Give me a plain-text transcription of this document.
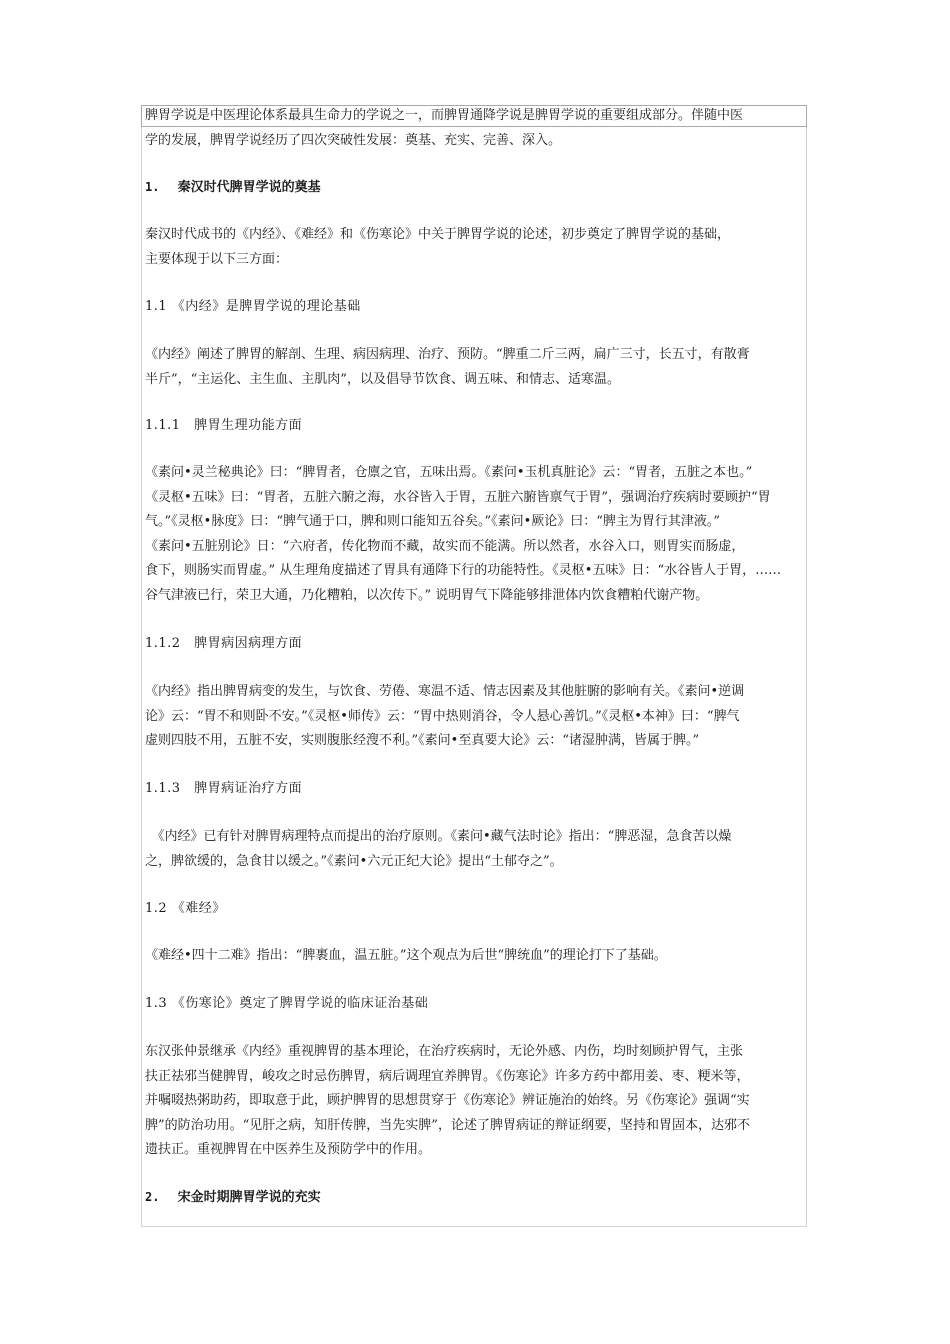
脾胃学说是中医理论体系最具生命力的学说之一，而脾胃通降学说是脾胃学说的重要组成部分。伴随中医
学的发展，脾胃学说经历了四次突破性发展：奠基、充实、完善、深入。

1. 秦汉时代脾胃学说的奠基

秦汉时代成书的《内经》、《难经》和《伤寒论》中关于脾胃学说的论述，初步奠定了脾胃学说的基础，
主要体现于以下三方面：

1.1 《内经》是脾胃学说的理论基础

《内经》阐述了脾胃的解剖、生理、病因病理、治疗、预防。“脾重二斤三两，扁广三寸，长五寸，有散膏
半斤”，“主运化、主生血、主肌肉”，以及倡导节饮食、调五味、和情志、适寒温。

1.1.1　脾胃生理功能方面

《素问•灵兰秘典论》曰：“脾胃者，仓廪之官，五味出焉。《素问•玉机真脏论》云：“胃者，五脏之本也。”
《灵枢•五味》曰：“胃者，五脏六腑之海，水谷皆入于胃，五脏六腑皆禀气于胃”，强调治疗疾病时要顾护“胃
气。”《灵枢•脉度》曰：“脾气通于口，脾和则口能知五谷矣。”《素问•厥论》曰：“脾主为胃行其津液。”
《素问•五脏别论》日：“六府者，传化物而不藏，故实而不能满。所以然者，水谷入口，则胃实而肠虚，
食下，则肠实而胃虚。” 从生理角度描述了胃具有通降下行的功能特性。《灵枢•五味》日：“水谷皆人于胃，……
谷气津液已行，荣卫大通，乃化糟粕，以次传下。” 说明胃气下降能够排泄体内饮食糟粕代谢产物。

1.1.2　脾胃病因病理方面

《内经》指出脾胃病变的发生，与饮食、劳倦、寒温不适、情志因素及其他脏腑的影响有关。《素问•逆调
论》云：“胃不和则卧不安。”《灵枢•师传》云：“胃中热则消谷，令人悬心善饥。”《灵枢•本神》曰：“脾气
虚则四肢不用，五脏不安，实则腹胀经溲不利。”《素问•至真要大论》云：“诸湿肿满，皆属于脾。”

1.1.3　脾胃病证治疗方面

　《内经》已有针对脾胃病理特点而提出的治疗原则。《素问•藏气法时论》指出：“脾恶湿，急食苦以燥
之，脾欲缓的，急食甘以缓之。”《素问•六元正纪大论》提出“土郁夺之”。

1.2 《难经》

《难经•四十二难》指出：“脾裹血，温五脏。”这个观点为后世“脾统血”的理论打下了基础。

1.3 《伤寒论》奠定了脾胃学说的临床证治基础

东汉张仲景继承《内经》重视脾胃的基本理论，在治疗疾病时，无论外感、内伤，均时刻顾护胃气，主张
扶正祛邪当健脾胃，峻攻之时忌伤脾胃，病后调理宜养脾胃。《伤寒论》许多方药中都用姜、枣、粳米等，
并嘱啜热粥助药，即取意于此，顾护脾胃的思想贯穿于《伤寒论》辨证施治的始终。另《伤寒论》强调“实
脾”的防治功用。“见肝之病，知肝传脾，当先实脾”，论述了脾胃病证的辩证纲要，坚持和胃固本，达邪不
遗扶正。重视脾胃在中医养生及预防学中的作用。

2. 宋金时期脾胃学说的充实
